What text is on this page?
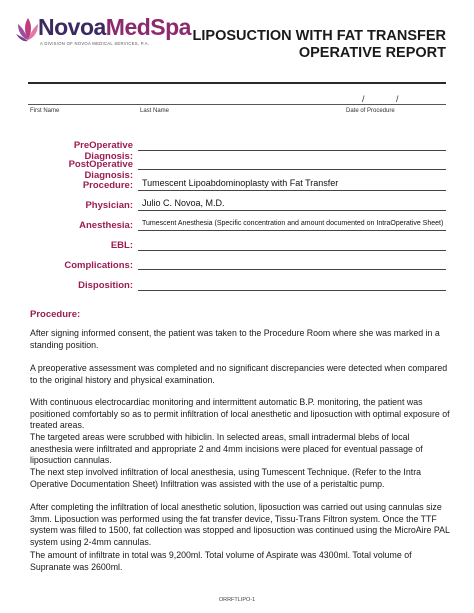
NovoaMedSpa
A DIVISION OF NOVOA MEDICAL SERVICES, P.A.	LIPOSUCTION WITH FAT TRANSFER
OPERATIVE REPORT
/	/
First Name	Last Name	Date of Procedure
PreOperative Diagnosis:
PostOperative Diagnosis:
Procedure: Tumescent Lipoabdominoplasty with Fat Transfer
Physician: Julio C. Novoa, M.D.
Anesthesia: Tumescent Anesthesia (Specific concentration and amount documented on IntraOperative Sheet)
EBL:
Complications:
Disposition:
Procedure:
After signing informed consent, the patient was taken to the Procedure Room where she was marked in a standing position.
A preoperative assessment was completed and no significant discrepancies were detected when compared to the original history and physical examination.
With continuous electrocardiac monitoring and intermittent automatic B.P. monitoring, the patient was positioned comfortably so as to permit infiltration of local anesthetic and liposuction with optimal exposure of treated areas.
The targeted areas were scrubbed with hibiclin. In selected areas, small intradermal blebs of local anesthesia were infiltrated and appropriate 2 and 4mm incisions were placed for eventual passage of liposuction cannulas.
The next step involved infiltration of local anesthesia, using Tumescent Technique. (Refer to the Intra Operative Documentation Sheet) Infiltration was assisted with the use of a peristaltic pump.
After completing the infiltration of local anesthetic solution, liposuction was carried out using cannulas size 3mm. Liposuction was performed using the fat transfer device, Tissu-Trans Filtron system. Once the TTF system was filled to 1500, fat collection was stopped and liposuction was continued using the MicroAire PAL system using 2-4mm cannulas.
The amount of infiltrate in total was 9,200ml. Total volume of Aspirate was 4300ml. Total volume of Supranate was 2600ml.
ORRFTLIPO-1
